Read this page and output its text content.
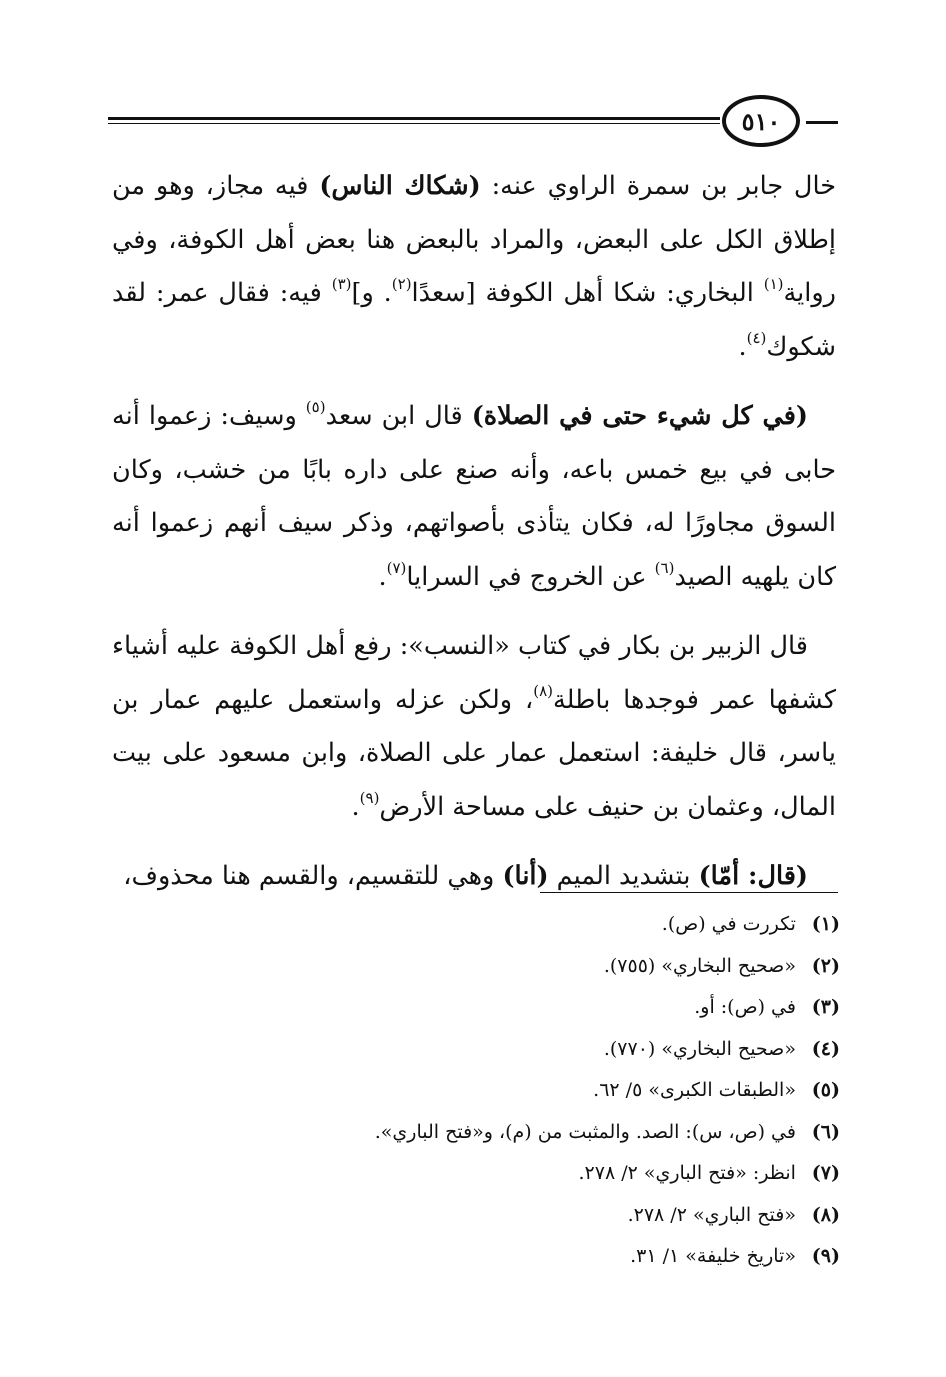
٥١٠

خال جابر بن سمرة الراوي عنه: (شكاك الناس) فيه مجاز، وهو من إطلاق الكل على البعض، والمراد بالبعض هنا بعض أهل الكوفة، وفي رواية$^{(١)}$ البخاري: شكا أهل الكوفة [سعدًا$^{(٢)}$. و]$^{(٣)}$ فيه: فقال عمر: لقد شكوك$^{(٤)}$.

(في كل شيء حتى في الصلاة) قال ابن سعد$^{(٥)}$ وسيف: زعموا أنه حابى في بيع خمس باعه، وأنه صنع على داره بابًا من خشب، وكان السوق مجاورًا له، فكان يتأذى بأصواتهم، وذكر سيف أنهم زعموا أنه كان يلهيه الصيد$^{(٦)}$ عن الخروج في السرايا$^{(٧)}$.

قال الزبير بن بكار في كتاب «النسب»: رفع أهل الكوفة عليه أشياء كشفها عمر فوجدها باطلة$^{(٨)}$، ولكن عزله واستعمل عليهم عمار بن ياسر، قال خليفة: استعمل عمار على الصلاة، وابن مسعود على بيت المال، وعثمان بن حنيف على مساحة الأرض$^{(٩)}$.

(قال: أمّا) بتشديد الميم (أنا) وهي للتقسيم، والقسم هنا محذوف،

(١) تكررت في (ص).
(٢) «صحيح البخاري» (٧٥٥).
(٣) في (ص): أو.
(٤) «صحيح البخاري» (٧٧٠).
(٥) «الطبقات الكبرى» ٥/ ٦٢.
(٦) في (ص، س): الصد. والمثبت من (م)، و«فتح الباري».
(٧) انظر: «فتح الباري» ٢/ ٢٧٨.
(٨) «فتح الباري» ٢/ ٢٧٨.
(٩) «تاريخ خليفة» ١/ ٣١.
